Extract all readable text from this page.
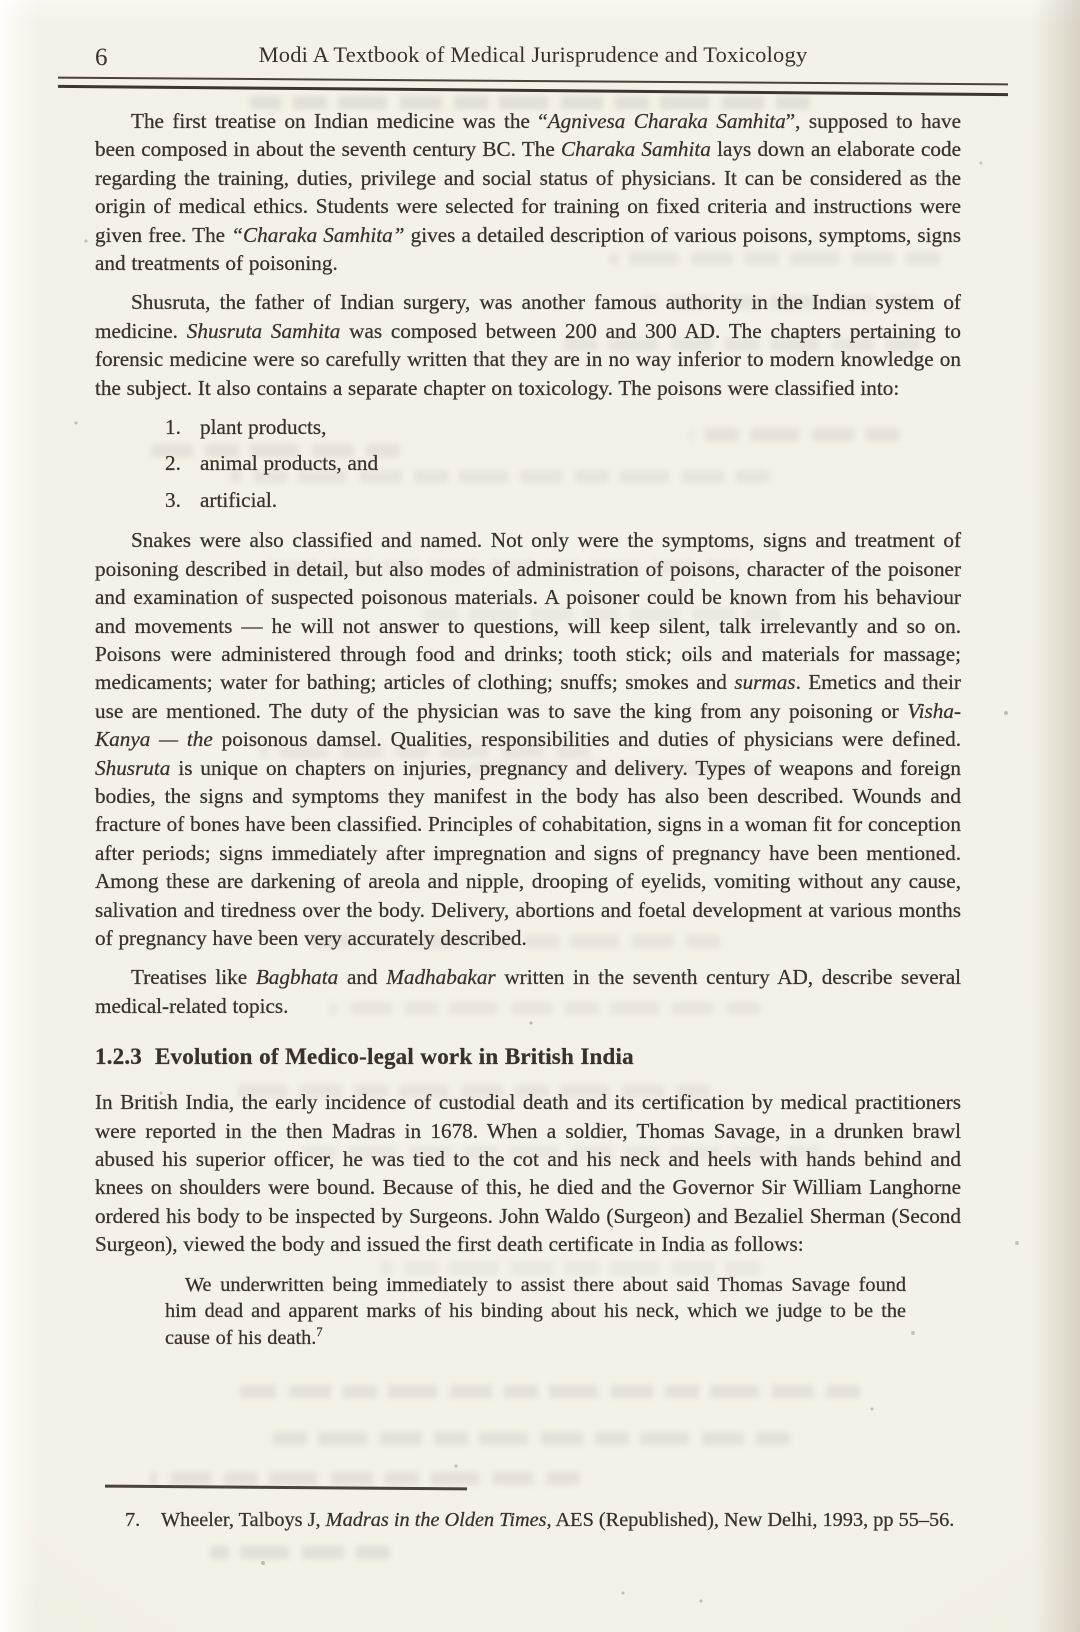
6	Modi A Textbook of Medical Jurisprudence and Toxicology

The first treatise on Indian medicine was the “Agnivesa Charaka Samhita”, supposed to have been composed in about the seventh century BC. The Charaka Samhita lays down an elaborate code regarding the training, duties, privilege and social status of physicians. It can be considered as the origin of medical ethics. Students were selected for training on fixed criteria and instructions were given free. The “Charaka Samhita” gives a detailed description of various poisons, symptoms, signs and treatments of poisoning.

Shusruta, the father of Indian surgery, was another famous authority in the Indian system of medicine. Shusruta Samhita was composed between 200 and 300 AD. The chapters pertaining to forensic medicine were so carefully written that they are in no way inferior to modern knowledge on the subject. It also contains a separate chapter on toxicology. The poisons were classified into:

1. plant products,
2. animal products, and
3. artificial.

Snakes were also classified and named. Not only were the symptoms, signs and treatment of poisoning described in detail, but also modes of administration of poisons, character of the poisoner and examination of suspected poisonous materials. A poisoner could be known from his behaviour and movements — he will not answer to questions, will keep silent, talk irrelevantly and so on. Poisons were administered through food and drinks; tooth stick; oils and materials for massage; medicaments; water for bathing; articles of clothing; snuffs; smokes and surmas. Emetics and their use are mentioned. The duty of the physician was to save the king from any poisoning or Visha-Kanya — the poisonous damsel. Qualities, responsibilities and duties of physicians were defined. Shusruta is unique on chapters on injuries, pregnancy and delivery. Types of weapons and foreign bodies, the signs and symptoms they manifest in the body has also been described. Wounds and fracture of bones have been classified. Principles of cohabitation, signs in a woman fit for conception after periods; signs immediately after impregnation and signs of pregnancy have been mentioned. Among these are darkening of areola and nipple, drooping of eyelids, vomiting without any cause, salivation and tiredness over the body. Delivery, abortions and foetal development at various months of pregnancy have been very accurately described.

Treatises like Bagbhata and Madhabakar written in the seventh century AD, describe several medical-related topics.

1.2.3 Evolution of Medico-legal work in British India

In British India, the early incidence of custodial death and its certification by medical practitioners were reported in the then Madras in 1678. When a soldier, Thomas Savage, in a drunken brawl abused his superior officer, he was tied to the cot and his neck and heels with hands behind and knees on shoulders were bound. Because of this, he died and the Governor Sir William Langhorne ordered his body to be inspected by Surgeons. John Waldo (Surgeon) and Bezaliel Sherman (Second Surgeon), viewed the body and issued the first death certificate in India as follows:

We underwritten being immediately to assist there about said Thomas Savage found him dead and apparent marks of his binding about his neck, which we judge to be the cause of his death.$^7$
7.	Wheeler, Talboys J, Madras in the Olden Times, AES (Republished), New Delhi, 1993, pp 55–56.
